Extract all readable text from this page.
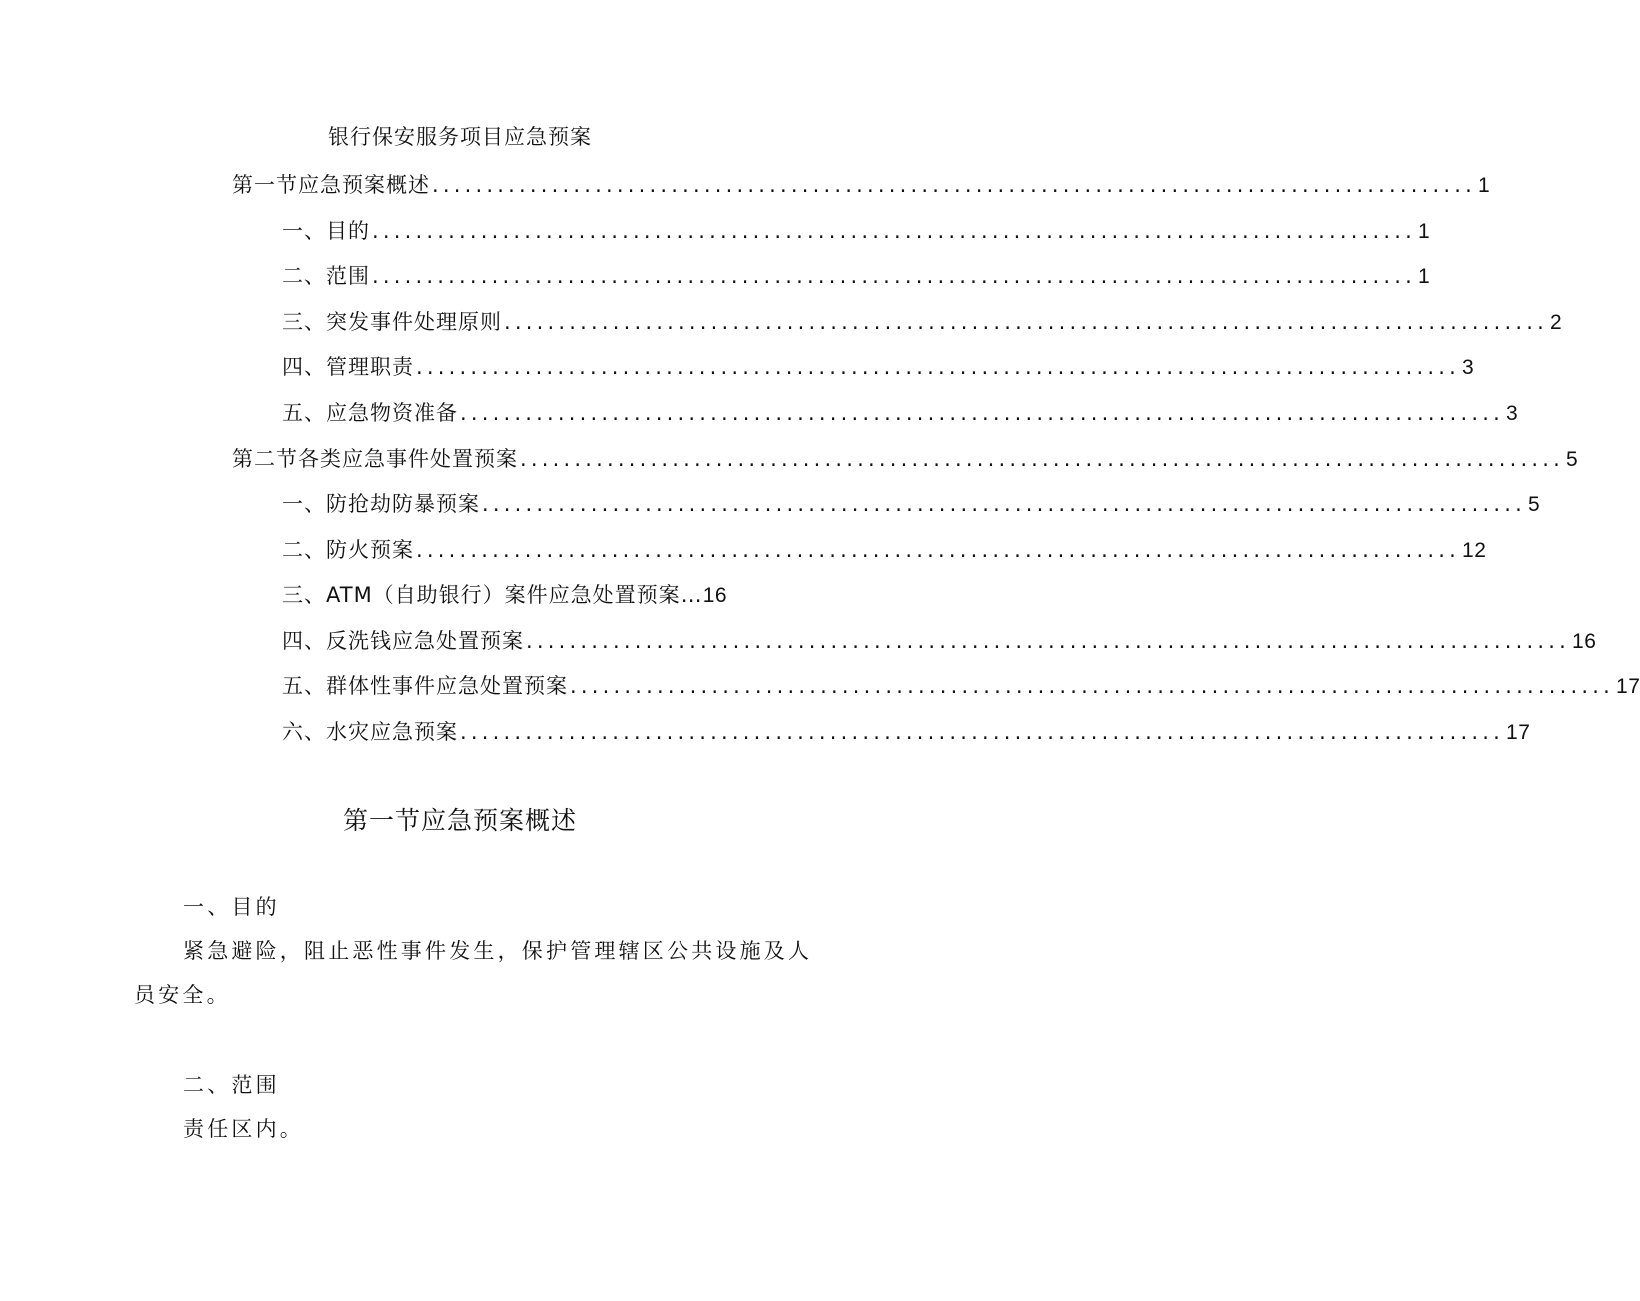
银行保安服务项目应急预案
第一节应急预案概述 ................................................................................................ 1
一、目的 ................................................................................................ 1
二、范围 ................................................................................................ 1
三、突发事件处理原则 ................................................................................................ 2
四、管理职责 ................................................................................................ 3
五、应急物资准备 ................................................................................................ 3
第二节各类应急事件处置预案 ................................................................................................ 5
一、防抢劫防暴预案 ................................................................................................ 5
二、防火预案 ................................................................................................ 12
三、ATM（自助银行）案件应急处置预案… 16
四、反洗钱应急处置预案 ................................................................................................ 16
五、群体性事件应急处置预案 ................................................................................................ 17
六、水灾应急预案 ................................................................................................ 17
第一节应急预案概述
一、目的
紧急避险，阻止恶性事件发生，保护管理辖区公共设施及人
员安全。
二、范围
责任区内。
